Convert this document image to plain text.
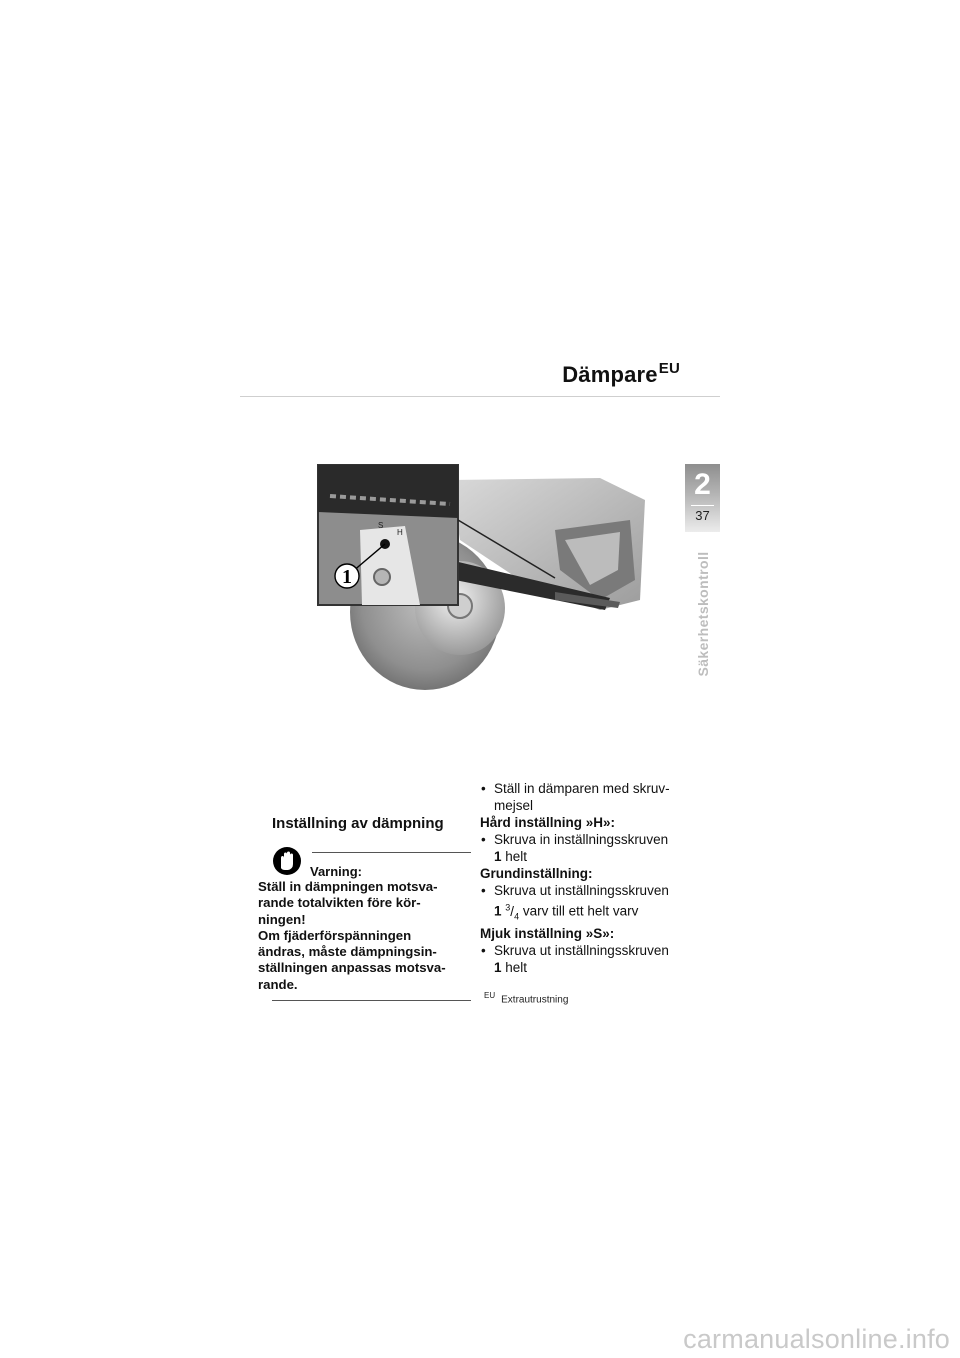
Dämpare$^{EU}$
2
37
Säkerhetskontroll
S
H
1
Inställning av dämpning
Varning:

Ställ in dämpningen motsva-

rande totalvikten före kör-

ningen!

Om fjäderförspänningen

ändras, måste dämpningsin-

ställningen anpassas motsva-

rande.

• Ställ in dämparen med skruv-
mejsel

Hård inställning »H»:

• Skruva in inställningsskruven
1 helt

Grundinställning:

• Skruva ut inställningsskruven
1 $^3/_4$ varv till ett helt varv

Mjuk inställning »S»:

• Skruva ut inställningsskruven
1 helt

$^{EU}$ Extrautrustning
carmanualsonline.info
